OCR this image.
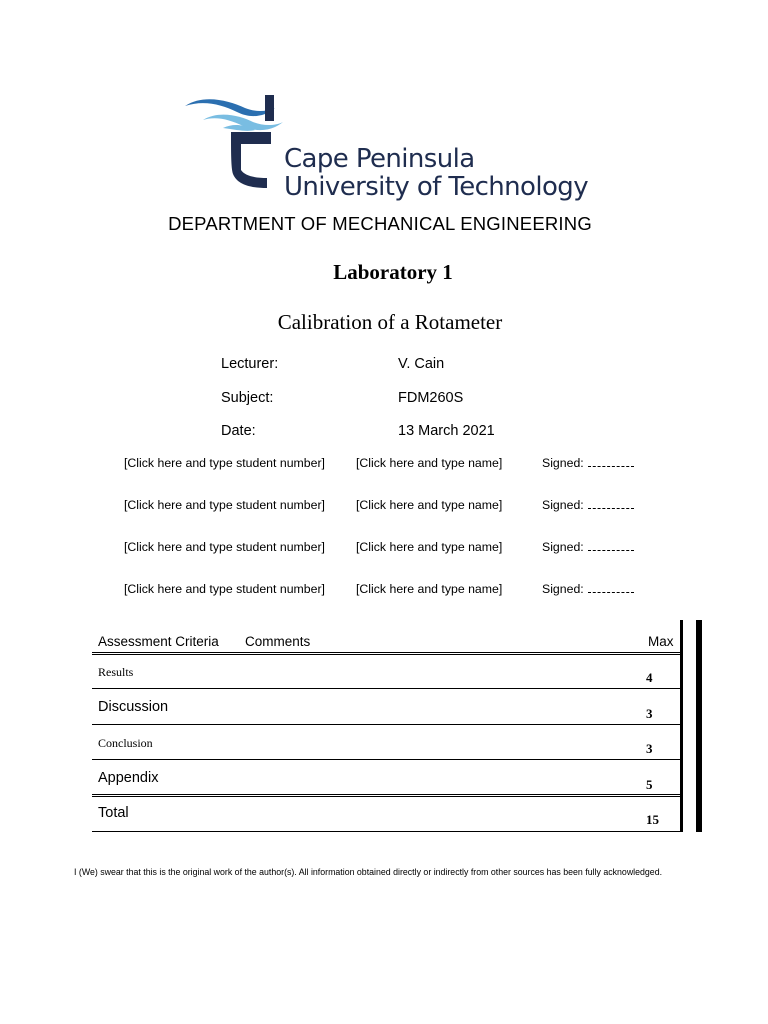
Cape Peninsula
University of Technology
DEPARTMENT OF MECHANICAL ENGINEERING
Laboratory 1
Calibration of a Rotameter
Lecturer:	V. Cain
Subject:	FDM260S
Date:	13 March 2021
[Click here and type student number]	[Click here and type name]	Signed:
[Click here and type student number]	[Click here and type name]	Signed:
[Click here and type student number]	[Click here and type name]	Signed:
[Click here and type student number]	[Click here and type name]	Signed:
Assessment Criteria Comments	Max
Results	4
Discussion	3
Conclusion	3
Appendix	5
Total	15
I (We) swear that this is the original work of the author(s). All information obtained directly or indirectly from other sources has been fully acknowledged.
